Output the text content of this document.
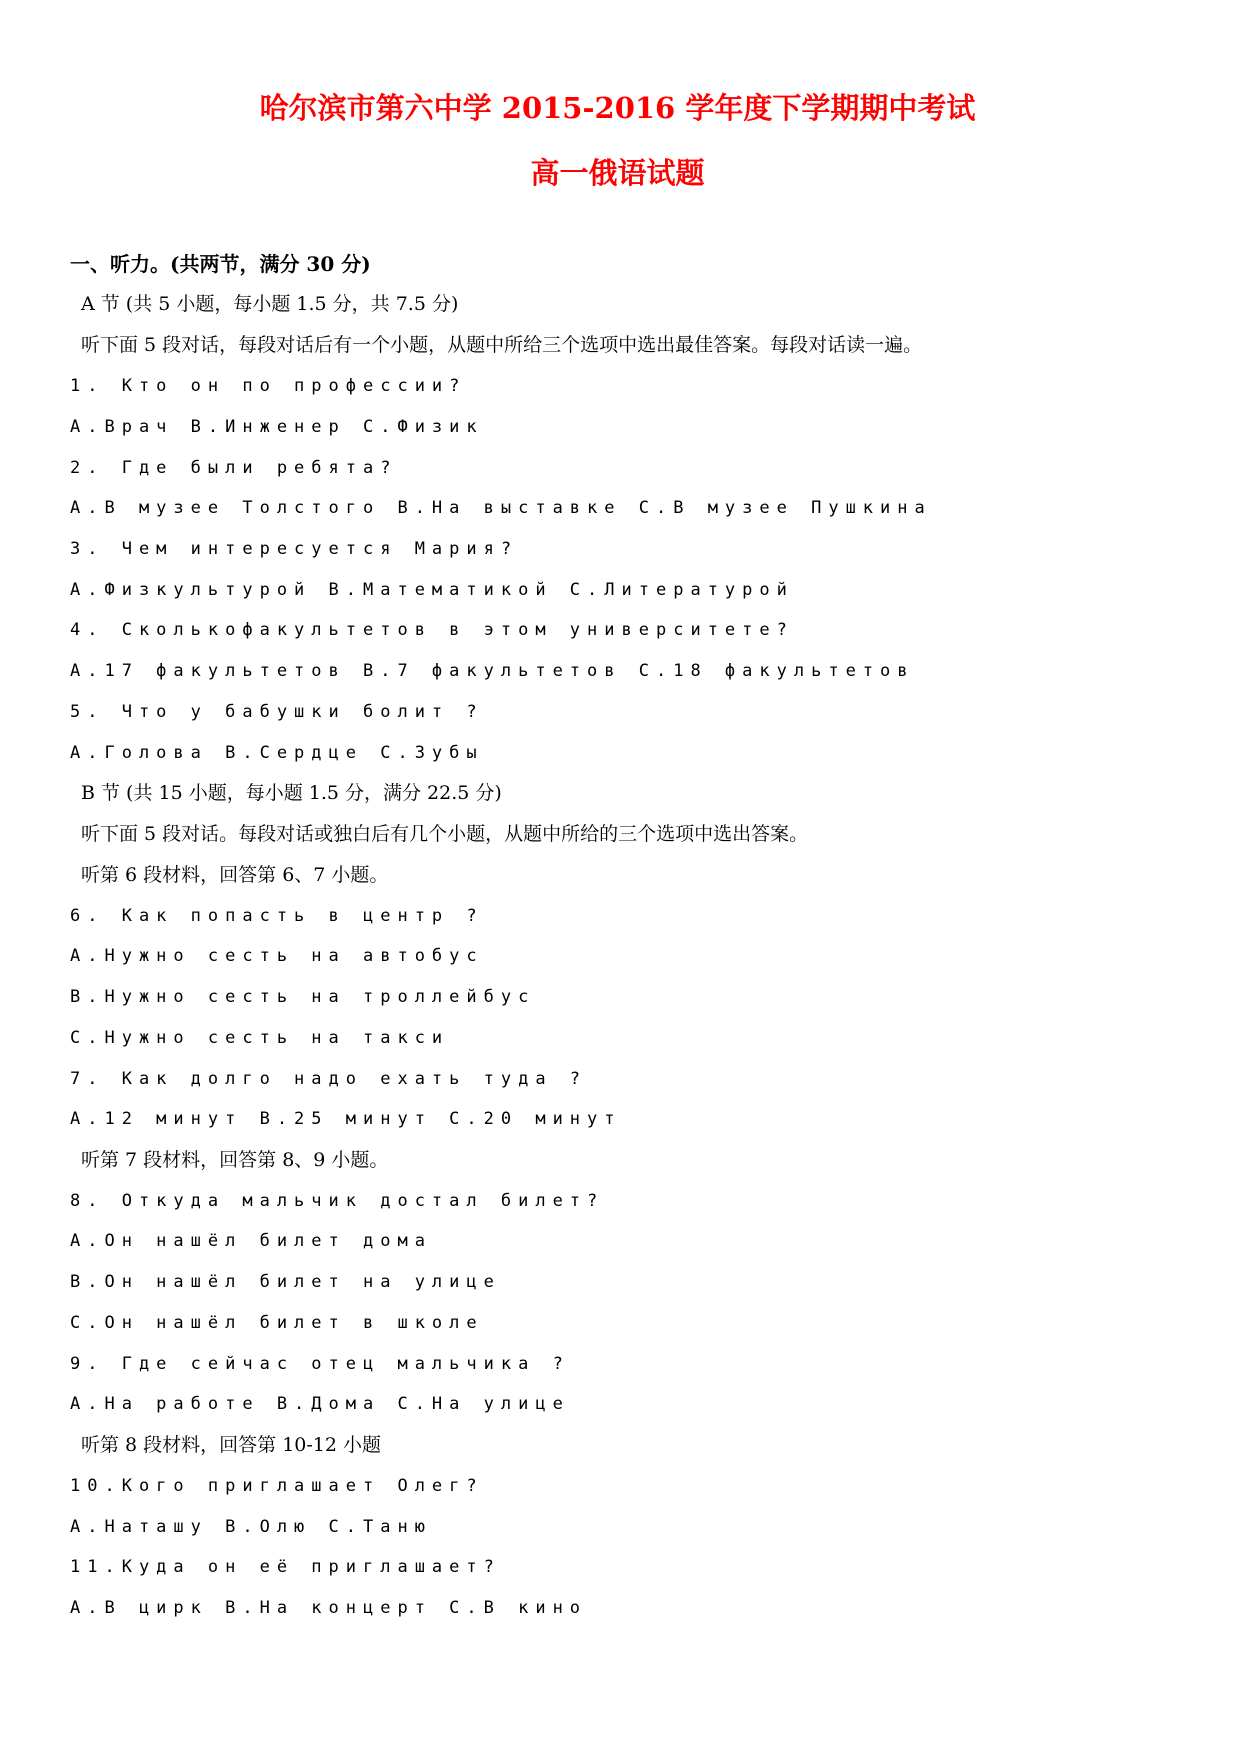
哈尔滨市第六中学 2015-2016 学年度下学期期中考试
高一俄语试题
一、听力。(共两节，满分 30 分)
A 节 (共 5 小题，每小题 1.5 分，共 7.5 分)
听下面 5 段对话，每段对话后有一个小题，从题中所给三个选项中选出最佳答案。每段对话读一遍。
1. Кто он по профессии?
A.Врач B.Инженер C.Физик
2. Где были ребята?
A.В музее Толстого B.На выставке C.В музее Пушкина
3. Чем интересуется Мария?
A.Физкультурой B.Математикой C.Литературой
4. Сколькофакультетов в этом университете?
A.17 факультетов B.7 факультетов C.18 факультетов
5. Что у бабушки болит ?
A.Голова B.Сердце C.Зубы
B 节 (共 15 小题，每小题 1.5 分，满分 22.5 分)
听下面 5 段对话。每段对话或独白后有几个小题，从题中所给的三个选项中选出答案。
听第 6 段材料，回答第 6、7 小题。
6. Как попасть в центр ?
A.Нужно сесть на автобус
B.Нужно сесть на троллейбус
C.Нужно сесть на такси
7. Как долго надо ехать туда ?
A.12 минут B.25 минут C.20 минут
听第 7 段材料，回答第 8、9 小题。
8. Откуда мальчик достал билет?
A.Он нашёл билет дома
B.Он нашёл билет на улице
C.Он нашёл билет в школе
9. Где сейчас отец мальчика ?
A.На работе B.Дома C.На улице
听第 8 段材料，回答第 10-12 小题
10.Кого приглашает Олег?
A.Наташу B.Олю C.Таню
11.Куда он её приглашает?
A.В цирк B.На концерт C.В кино
